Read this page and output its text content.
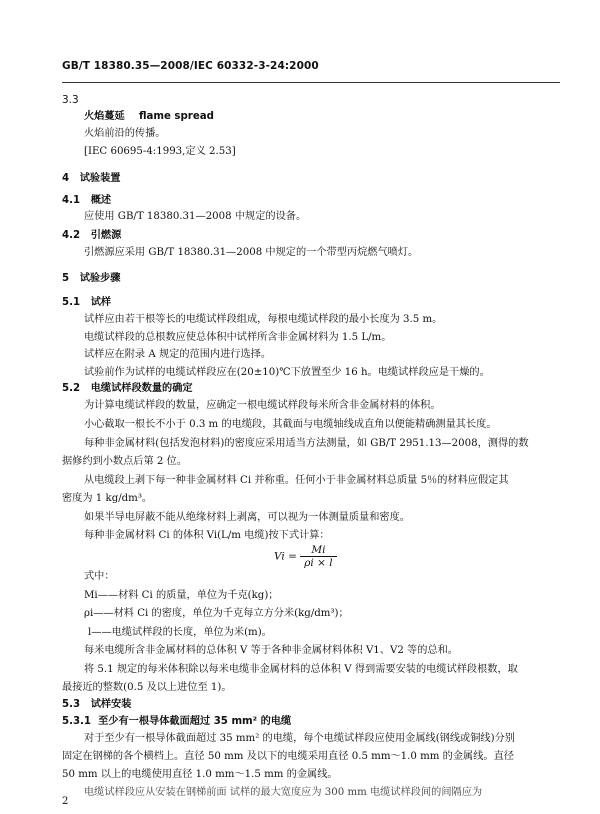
GB/T 18380.35—2008/IEC 60332-3-24:2000
3.3
火焰蔓延 flame spread
火焰前沿的传播。
[IEC 60695-4:1993,定义 2.53]
4 试验装置
4.1 概述
应使用 GB/T 18380.31—2008 中规定的设备。
4.2 引燃源
引燃源应采用 GB/T 18380.31—2008 中规定的一个带型丙烷燃气喷灯。
5 试验步骤
5.1 试样
试样应由若干根等长的电缆试样段组成，每根电缆试样段的最小长度为 3.5 m。
电缆试样段的总根数应使总体积中试样所含非金属材料为 1.5 L/m。
试样应在附录 A 规定的范围内进行选择。
试验前作为试样的电缆试样段应在(20±10)℃下放置至少 16 h。电缆试样段应是干燥的。
5.2 电缆试样段数量的确定
为计算电缆试样段的数量，应确定一根电缆试样段每米所含非金属材料的体积。
小心截取一根长不小于 0.3 m 的电缆段，其截面与电缆轴线成直角以便能精确测量其长度。
每种非金属材料(包括发泡材料)的密度应采用适当方法测量，如 GB/T 2951.13—2008，测得的数
据修约到小数点后第 2 位。
从电缆段上剥下每一种非金属材料 Ci 并称重。任何小于非金属材料总质量 5％的材料应假定其
密度为 1 kg/dm³。
如果半导电屏蔽不能从绝缘材料上剥离，可以视为一体测量质量和密度。
每种非金属材料 Ci 的体积 Vi(L/m 电缆)按下式计算：
$Vi = \frac{Mi}{\rho i \times l}$
式中：
Mi——材料 Ci 的质量，单位为千克(kg)；
ρi——材料 Ci 的密度，单位为千克每立方分米(kg/dm³)；
l——电缆试样段的长度，单位为米(m)。
每米电缆所含非金属材料的总体积 V 等于各种非金属材料体积 V1、V2 等的总和。
将 5.1 规定的每米体积除以每米电缆非金属材料的总体积 V 得到需要安装的电缆试样段根数，取
最接近的整数(0.5 及以上进位至 1)。
5.3 试样安装
5.3.1 至少有一根导体截面超过 35 mm² 的电缆
对于至少有一根导体截面超过 35 mm² 的电缆，每个电缆试样段应使用金属线(钢线或铜线)分别
固定在钢梯的各个横档上。直径 50 mm 及以下的电缆采用直径 0.5 mm～1.0 mm 的金属线。直径
50 mm 以上的电缆使用直径 1.0 mm～1.5 mm 的金属线。
电缆试样段应从安装在钢梯前面 试样的最大宽度应为 300 mm 电缆试样段间的间隔应为
2
